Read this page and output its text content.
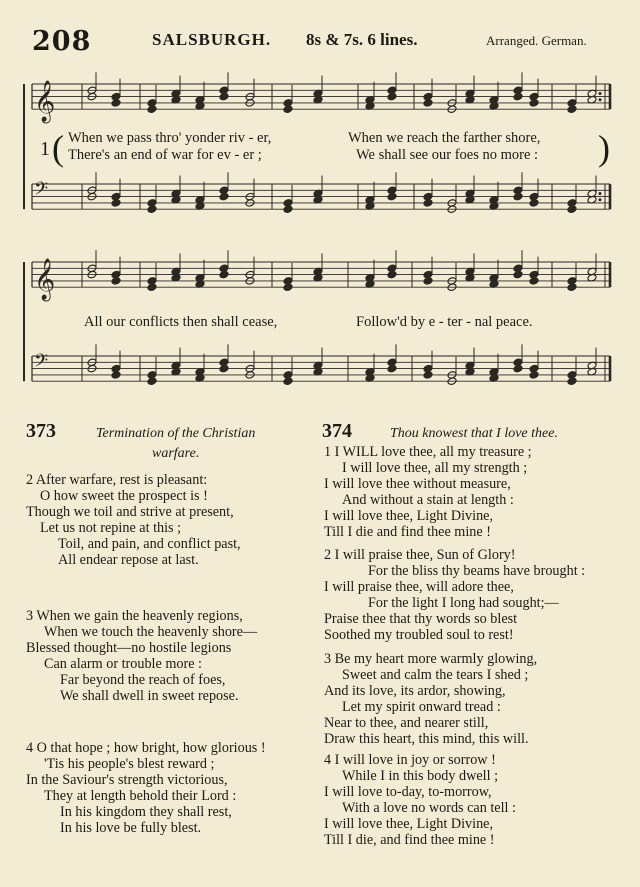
208	SALSBURGH. 8s & 7s. 6 lines.	Arranged. German.
𝄞
𝄢
𝄞
𝄢
1 (	)
When we pass thro' yonder riv - er,	When we reach the farther shore,
There's an end of war for ev - er ;	We shall see our foes no more :
All our conflicts then shall cease,	Follow'd by e - ter - nal peace.
373	Termination of the Christian
warfare.
2 After warfare, rest is pleasant:
O how sweet the prospect is !
Though we toil and strive at present,
Let us not repine at this ;
Toil, and pain, and conflict past,
All endear repose at last.
3 When we gain the heavenly regions,
When we touch the heavenly shore—
Blessed thought—no hostile legions
Can alarm or trouble more :
Far beyond the reach of foes,
We shall dwell in sweet repose.
4 O that hope ; how bright, how glorious !
'Tis his people's blest reward ;
In the Saviour's strength victorious,
They at length behold their Lord :
In his kingdom they shall rest,
In his love be fully blest.
374	Thou knowest that I love thee.
1 I WILL love thee, all my treasure ;
I will love thee, all my strength ;
I will love thee without measure,
And without a stain at length :
I will love thee, Light Divine,
Till I die and find thee mine !
2 I will praise thee, Sun of Glory!
For the bliss thy beams have brought :
I will praise thee, will adore thee,
For the light I long had sought;—
Praise thee that thy words so blest
Soothed my troubled soul to rest!
3 Be my heart more warmly glowing,
Sweet and calm the tears I shed ;
And its love, its ardor, showing,
Let my spirit onward tread :
Near to thee, and nearer still,
Draw this heart, this mind, this will.
4 I will love in joy or sorrow !
While I in this body dwell ;
I will love to-day, to-morrow,
With a love no words can tell :
I will love thee, Light Divine,
Till I die, and find thee mine !
